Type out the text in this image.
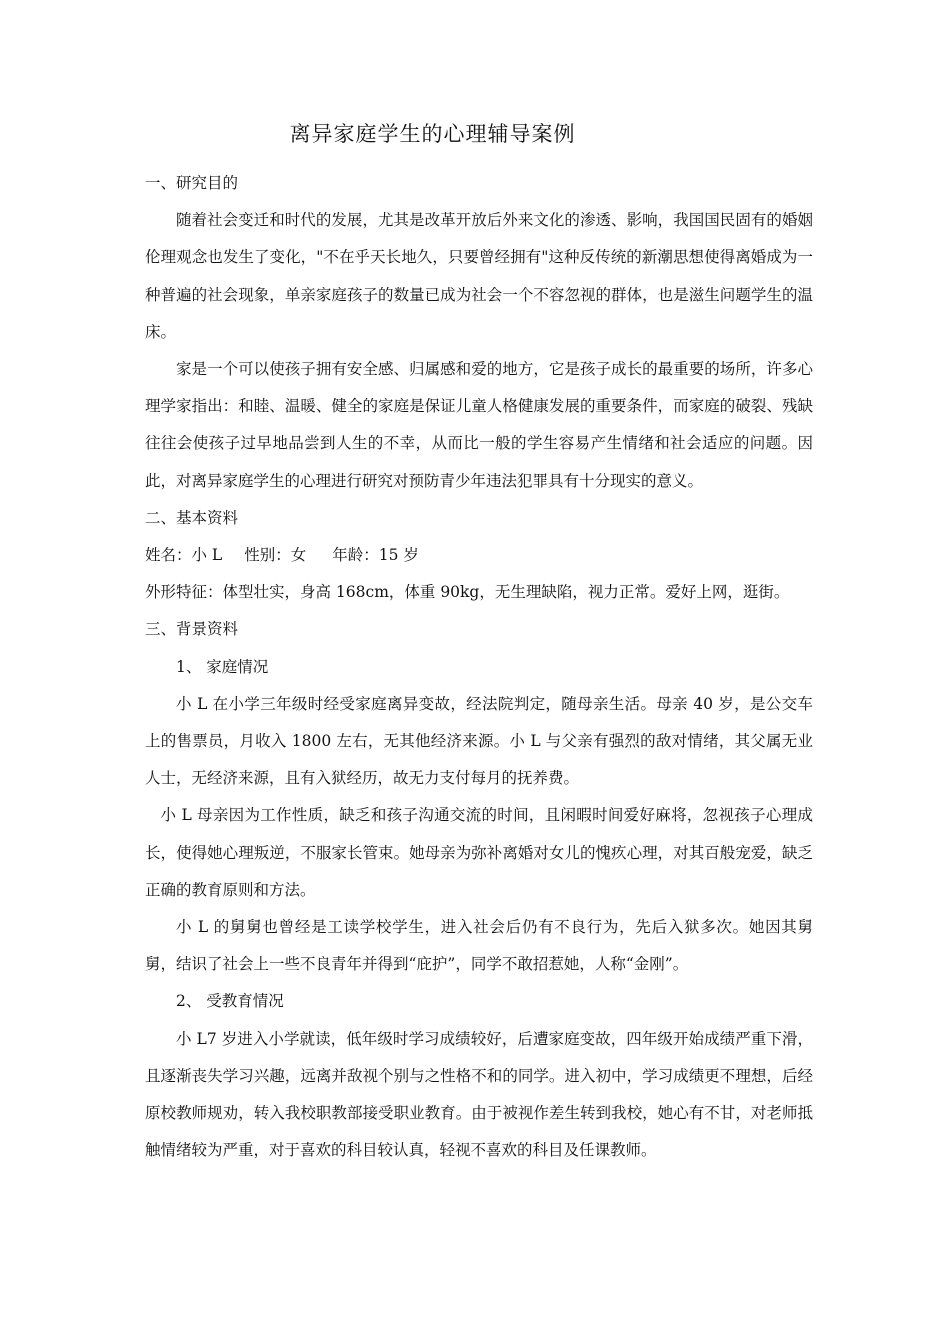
离异家庭学生的心理辅导案例

一、研究目的

随着社会变迁和时代的发展，尤其是改革开放后外来文化的渗透、影响，我国国民固有的婚姻伦理观念也发生了变化，"不在乎天长地久，只要曾经拥有"这种反传统的新潮思想使得离婚成为一种普遍的社会现象，单亲家庭孩子的数量已成为社会一个不容忽视的群体，也是滋生问题学生的温床。

家是一个可以使孩子拥有安全感、归属感和爱的地方，它是孩子成长的最重要的场所，许多心理学家指出：和睦、温暖、健全的家庭是保证儿童人格健康发展的重要条件，而家庭的破裂、残缺往往会使孩子过早地品尝到人生的不幸，从而比一般的学生容易产生情绪和社会适应的问题。因此，对离异家庭学生的心理进行研究对预防青少年违法犯罪具有十分现实的意义。

二、基本资料

姓名：小 L 性别：女 年龄：15 岁

外形特征：体型壮实，身高 168cm，体重 90kg，无生理缺陷，视力正常。爱好上网，逛街。

三、背景资料

1、 家庭情况

小 L 在小学三年级时经受家庭离异变故，经法院判定，随母亲生活。母亲 40 岁，是公交车上的售票员，月收入 1800 左右，无其他经济来源。小 L 与父亲有强烈的敌对情绪，其父属无业人士，无经济来源，且有入狱经历，故无力支付每月的抚养费。

小 L 母亲因为工作性质，缺乏和孩子沟通交流的时间，且闲暇时间爱好麻将，忽视孩子心理成长，使得她心理叛逆，不服家长管束。她母亲为弥补离婚对女儿的愧疚心理，对其百般宠爱，缺乏正确的教育原则和方法。

小 L 的舅舅也曾经是工读学校学生，进入社会后仍有不良行为，先后入狱多次。她因其舅舅，结识了社会上一些不良青年并得到“庇护”，同学不敢招惹她，人称“金刚”。

2、 受教育情况

小 L7 岁进入小学就读，低年级时学习成绩较好，后遭家庭变故，四年级开始成绩严重下滑，且逐渐丧失学习兴趣，远离并敌视个别与之性格不和的同学。进入初中，学习成绩更不理想，后经原校教师规劝，转入我校职教部接受职业教育。由于被视作差生转到我校，她心有不甘，对老师抵触情绪较为严重，对于喜欢的科目较认真，轻视不喜欢的科目及任课教师。
